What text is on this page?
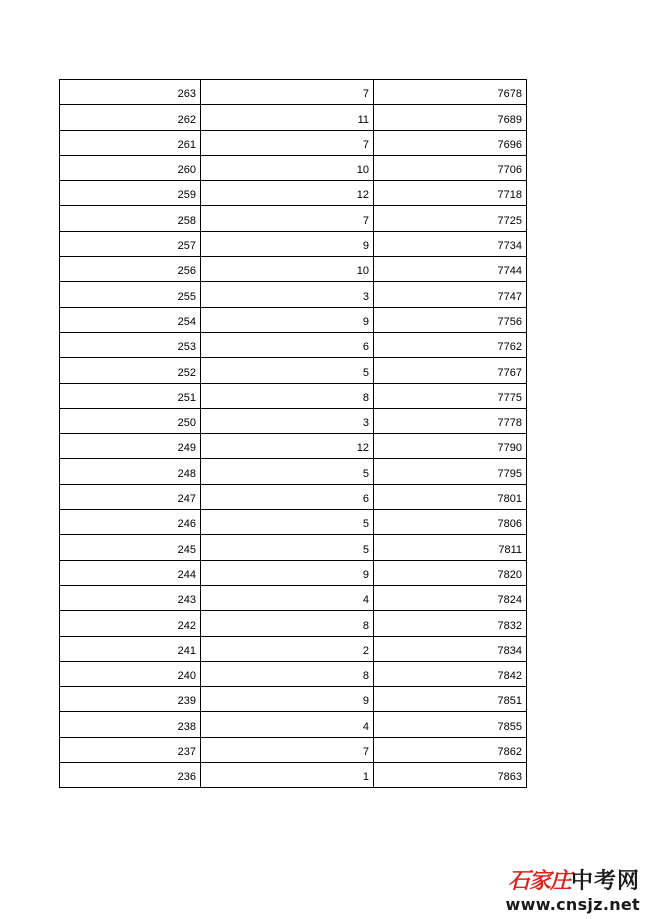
263	7	7678
262	11	7689
261	7	7696
260	10	7706
259	12	7718
258	7	7725
257	9	7734
256	10	7744
255	3	7747
254	9	7756
253	6	7762
252	5	7767
251	8	7775
250	3	7778
249	12	7790
248	5	7795
247	6	7801
246	5	7806
245	5	7811
244	9	7820
243	4	7824
242	8	7832
241	2	7834
240	8	7842
239	9	7851
238	4	7855
237	7	7862
236	1	7863
石家庄中考网
www.cnsjz.net
